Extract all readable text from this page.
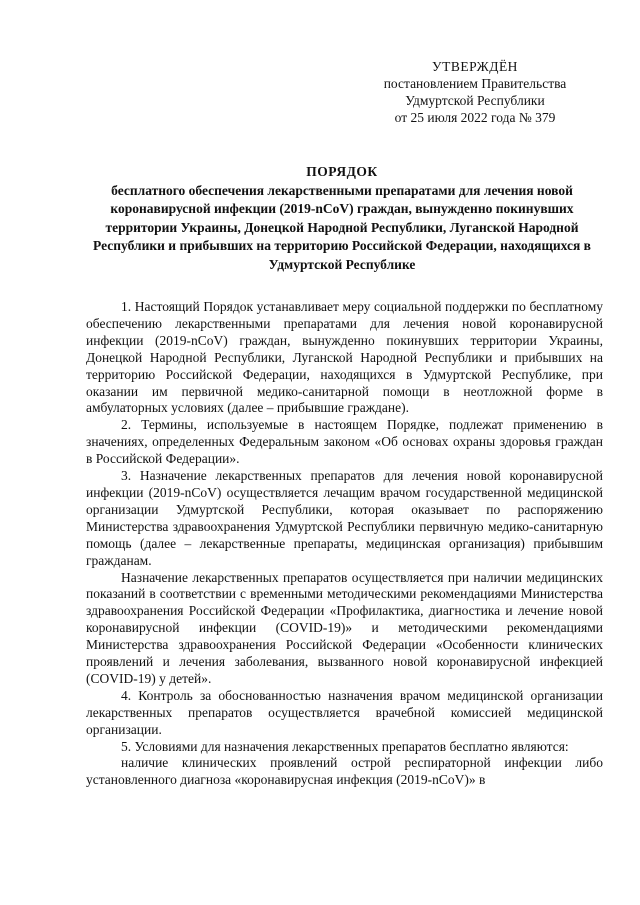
УТВЕРЖДЁН
постановлением Правительства
Удмуртской Республики
от 25 июля 2022 года № 379
ПОРЯДОК
бесплатного обеспечения лекарственными препаратами для лечения новой коронавирусной инфекции (2019-nCoV) граждан, вынужденно покинувших территории Украины, Донецкой Народной Республики, Луганской Народной Республики и прибывших на территорию Российской Федерации, находящихся в Удмуртской Республике

1. Настоящий Порядок устанавливает меру социальной поддержки по бесплатному обеспечению лекарственными препаратами для лечения новой коронавирусной инфекции (2019-nCoV) граждан, вынужденно покинувших территории Украины, Донецкой Народной Республики, Луганской Народной Республики и прибывших на территорию Российской Федерации, находящихся в Удмуртской Республике, при оказании им первичной медико-санитарной помощи в неотложной форме в амбулаторных условиях (далее – прибывшие граждане).

2. Термины, используемые в настоящем Порядке, подлежат применению в значениях, определенных Федеральным законом «Об основах охраны здоровья граждан в Российской Федерации».

3. Назначение лекарственных препаратов для лечения новой коронавирусной инфекции (2019-nCoV) осуществляется лечащим врачом государственной медицинской организации Удмуртской Республики, которая оказывает по распоряжению Министерства здравоохранения Удмуртской Республики первичную медико-санитарную помощь (далее – лекарственные препараты, медицинская организация) прибывшим гражданам.

Назначение лекарственных препаратов осуществляется при наличии медицинских показаний в соответствии с временными методическими рекомендациями Министерства здравоохранения Российской Федерации «Профилактика, диагностика и лечение новой коронавирусной инфекции (COVID-19)» и методическими рекомендациями Министерства здравоохранения Российской Федерации «Особенности клинических проявлений и лечения заболевания, вызванного новой коронавирусной инфекцией (COVID-19) у детей».

4. Контроль за обоснованностью назначения врачом медицинской организации лекарственных препаратов осуществляется врачебной комиссией медицинской организации.

5. Условиями для назначения лекарственных препаратов бесплатно являются:

наличие клинических проявлений острой респираторной инфекции либо установленного диагноза «коронавирусная инфекция (2019-nCoV)» в
